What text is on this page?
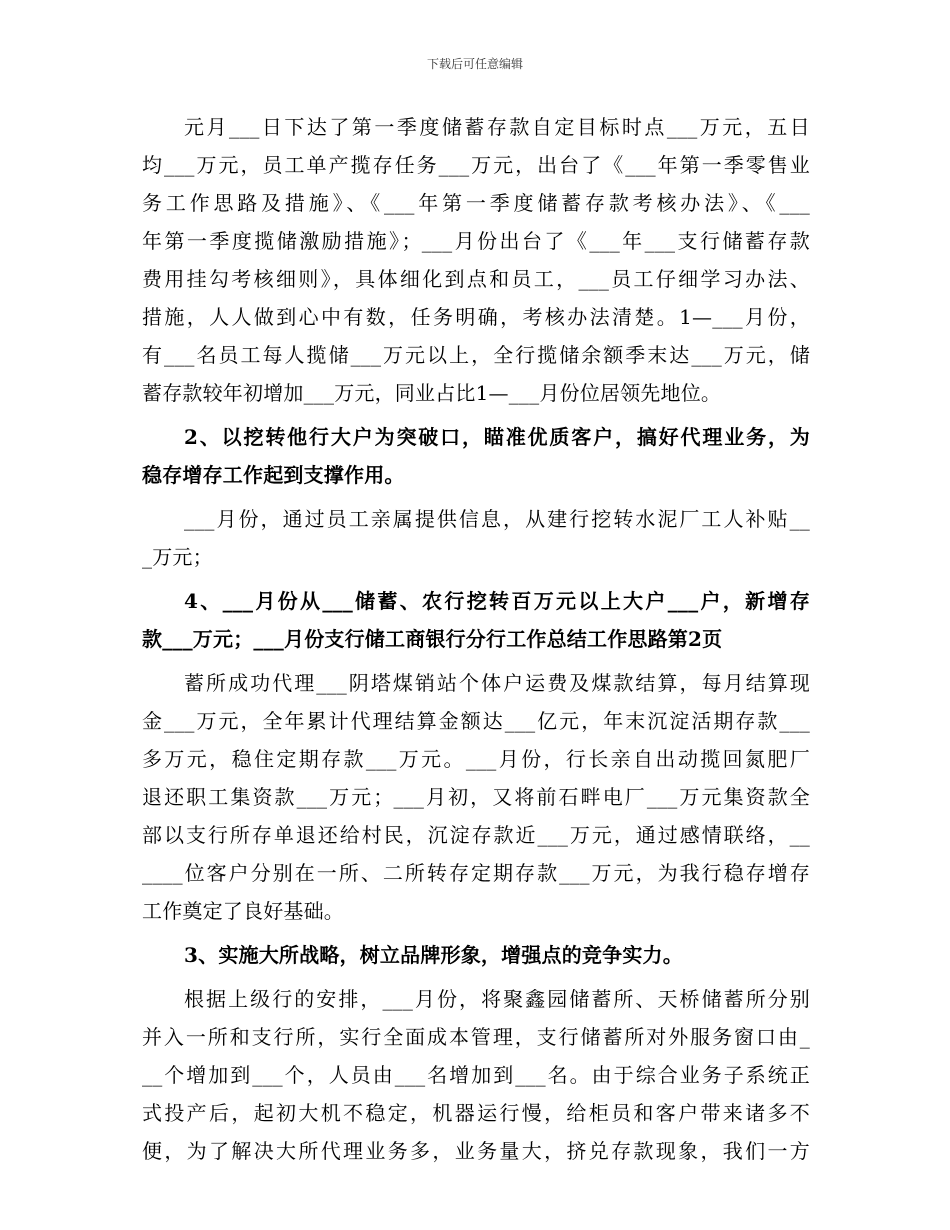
下载后可任意编辑
元月___日下达了第一季度储蓄存款自定目标时点___万元，五日
均___万元，员工单产揽存任务___万元，出台了《___年第一季零售业
务工作思路及措施》、《___年第一季度储蓄存款考核办法》、《___
年第一季度揽储激励措施》；___月份出台了《___年___支行储蓄存款
费用挂勾考核细则》，具体细化到点和员工，___员工仔细学习办法、
措施，人人做到心中有数，任务明确，考核办法清楚。1—___月份，
有___名员工每人揽储___万元以上，全行揽储余额季末达___万元，储
蓄存款较年初增加___万元，同业占比1—___月份位居领先地位。
2、以挖转他行大户为突破口，瞄准优质客户，搞好代理业务，为
稳存增存工作起到支撑作用。
___月份，通过员工亲属提供信息，从建行挖转水泥厂工人补贴__
_万元；
4、___月份从___储蓄、农行挖转百万元以上大户___户，新增存
款___万元；___月份支行储工商银行分行工作总结工作思路第2页
蓄所成功代理___阴塔煤销站个体户运费及煤款结算，每月结算现
金___万元，全年累计代理结算金额达___亿元，年末沉淀活期存款___
多万元，稳住定期存款___万元。___月份，行长亲自出动揽回氮肥厂
退还职工集资款___万元；___月初，又将前石畔电厂___万元集资款全
部以支行所存单退还给村民，沉淀存款近___万元，通过感情联络，__
____位客户分别在一所、二所转存定期存款___万元，为我行稳存增存
工作奠定了良好基础。
3、实施大所战略，树立品牌形象，增强点的竞争实力。
根据上级行的安排，___月份，将聚鑫园储蓄所、天桥储蓄所分别
并入一所和支行所，实行全面成本管理，支行储蓄所对外服务窗口由_
__个增加到___个，人员由___名增加到___名。由于综合业务子系统正
式投产后，起初大机不稳定，机器运行慢，给柜员和客户带来诸多不
便，为了解决大所代理业务多，业务量大，挤兑存款现象，我们一方
